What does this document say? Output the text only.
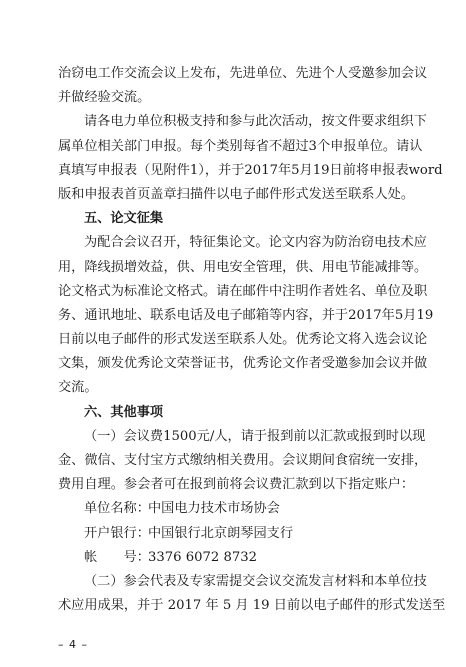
治窃电工作交流会议上发布，先进单位、先进个人受邀参加会议
并做经验交流。
请各电力单位积极支持和参与此次活动，按文件要求组织下
属单位相关部门申报。每个类别每省不超过3个申报单位。请认
真填写申报表（见附件1），并于2017年5月19日前将申报表word
版和申报表首页盖章扫描件以电子邮件形式发送至联系人处。
五、论文征集
为配合会议召开，特征集论文。论文内容为防治窃电技术应
用，降线损增效益，供、用电安全管理，供、用电节能减排等。
论文格式为标准论文格式。请在邮件中注明作者姓名、单位及职
务、通讯地址、联系电话及电子邮箱等内容，并于2017年5月19
日前以电子邮件的形式发送至联系人处。优秀论文将入选会议论
文集，颁发优秀论文荣誉证书，优秀论文作者受邀参加会议并做
交流。
六、其他事项
（一）会议费1500元/人，请于报到前以汇款或报到时以现
金、微信、支付宝方式缴纳相关费用。会议期间食宿统一安排，
费用自理。参会者可在报到前将会议费汇款到以下指定账户：
单位名称：中国电力技术市场协会
开户银行：中国银行北京朗琴园支行
帐　　号：3376 6072 8732
（二）参会代表及专家需提交会议交流发言材料和本单位技
术应用成果，并于 2017 年 5 月 19 日前以电子邮件的形式发送至
– 4 –
